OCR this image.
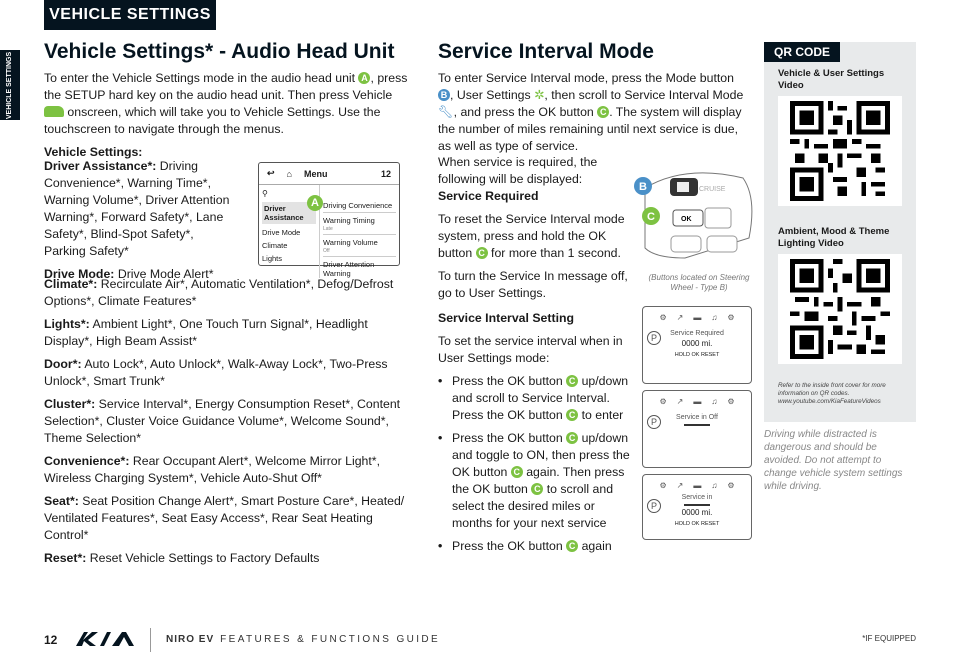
VEHICLE SETTINGS
VEHICLE SETTINGS Vehicle Settings* - Audio Head Unit

To enter the Vehicle Settings mode in the audio head unit A , press the SETUP hard key on the audio head unit. Then press Vehicle  onscreen, which will take you to Vehicle Settings. Use the touchscreen to navigate through the menus.

Vehicle Settings:

Driver Assistance*: Driving Convenience*, Warning Time*, Warning Volume*, Driver Attention Warning*, Forward Safety*, Lane Safety*, Blind-Spot Safety*, Parking Safety*

Drive Mode: Drive Mode Alert*

↩ ⌂ Menu	12
⚲
Driver Assistance
Drive Mode
Climate
Lights
Driving Convenience
Warning Timing
Late
Warning Volume
Off
Driver Attention Warning
A

Climate*: Recirculate Air*, Automatic Ventilation*, Defog/Defrost Options*, Climate Features*

Lights*: Ambient Light*, One Touch Turn Signal*, Headlight Display*, High Beam Assist*

Door*: Auto Lock*, Auto Unlock*, Walk-Away Lock*, Two-Press Unlock*, Smart Trunk*

Cluster*: Service Interval*, Energy Consumption Reset*, Content Selection*, Cluster Voice Guidance Volume*, Welcome Sound*, Theme Selection*

Convenience*: Rear Occupant Alert*, Welcome Mirror Light*, Wireless Charging System*, Vehicle Auto-Shut Off*

Seat*: Seat Position Change Alert*, Smart Posture Care*, Heated/ Ventilated Features*, Seat Easy Access*, Rear Seat Heating Control*

Reset*: Reset Vehicle Settings to Factory Defaults

Service Interval Mode

To enter Service Interval mode, press the Mode button B , User Settings ✲, then scroll to Service Interval Mode 🔧︎, and press the OK button C . The system will display the number of miles remaining until next service is due, as well as type of service.

When service is required, the following will be displayed:

Service Required

To reset the Service Interval mode system, press and hold the OK button C for more than 1 second.

To turn the Service In message off, go to User Settings.

Service Interval Setting

To set the service interval when in User Settings mode:

• Press the OK button C up/down and scroll to Service Interval. Press the OK button C to enter
• Press the OK button C up/down and toggle to ON, then press the OK button C again. Then press the OK button C to scroll and select the desired miles or months for your next service
• Press the OK button C again
CRUISE
OK
B
C
(Buttons located on Steering Wheel - Type B)
⚙ ↗ ▬ ♫ ⚙
P	Service Required
0000 mi.
HOLD OK RESET
⚙ ↗ ▬ ♫ ⚙
P	Service in Off
⚙ ↗ ▬ ♫ ⚙
P
Service in
0000 mi.
HOLD OK RESET
QR CODE
Vehicle & User Settings Video
Ambient, Mood & Theme Lighting Video
Refer to the inside front cover for more information on QR codes. www.youtube.com/KiaFeatureVideos
Driving while distracted is dangerous and should be avoided. Do not attempt to change vehicle system settings while driving.
12	NIRO EV FEATURES & FUNCTIONS GUIDE	*IF EQUIPPED
